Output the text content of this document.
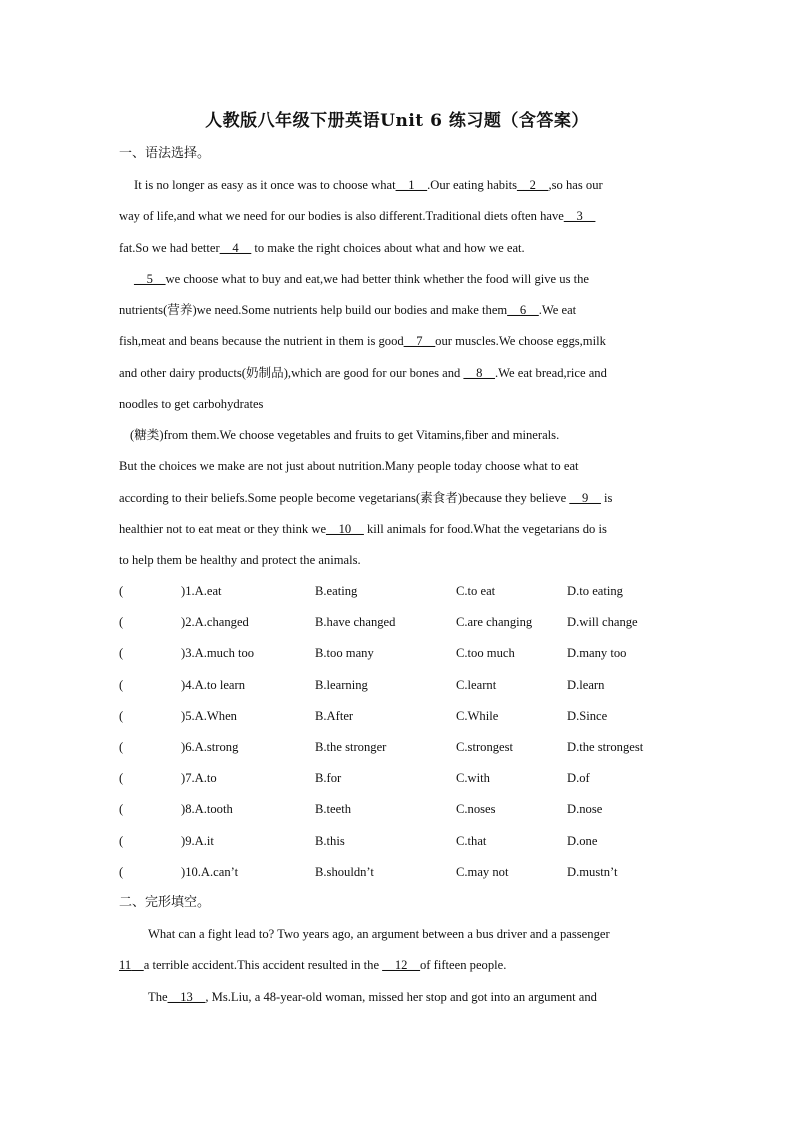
人教版八年级下册英语Unit 6 练习题（含答案）
一、语法选择。
It is no longer as easy as it once was to choose what__1__.Our eating habits__2__,so has our
way of life,and what we need for our bodies is also different.Traditional diets often have__3__
fat.So we had better__4__ to make the right choices about what and how we eat.
__5__we choose what to buy and eat,we had better think whether the food will give us the
nutrients(营养)we need.Some nutrients help build our bodies and make them__6__.We eat
fish,meat and beans because the nutrient in them is good__7__our muscles.We choose eggs,milk
and other dairy products(奶制品),which are good for our bones and __8__.We eat bread,rice and
noodles to get carbohydrates
(糖类)from them.We choose vegetables and fruits to get Vitamins,fiber and minerals.
But the choices we make are not just about nutrition.Many people today choose what to eat
according to their beliefs.Some people become vegetarians(素食者)because they believe __9__ is
healthier not to eat meat or they think we__10__ kill animals for food.What the vegetarians do is
to help them be healthy and protect the animals.
(	)1.A.eat	B.eating	C.to eat	D.to eating
(	)2.A.changed	B.have changed	C.are changing	D.will change
(	)3.A.much too	B.too many	C.too much	D.many too
(	)4.A.to learn	B.learning	C.learnt	D.learn
(	)5.A.When	B.After	C.While	D.Since
(	)6.A.strong	B.the stronger	C.strongest	D.the strongest
(	)7.A.to	B.for	C.with	D.of
(	)8.A.tooth	B.teeth	C.noses	D.nose
(	)9.A.it	B.this	C.that	D.one
(	)10.A.can’t	B.shouldn’t	C.may not	D.mustn’t
二、完形填空。
What can a fight lead to? Two years ago, an argument between a bus driver and a passenger
11 a terrible accident.This accident resulted in the __12__of fifteen people.
The__13__, Ms.Liu, a 48-year-old woman, missed her stop and got into an argument and
